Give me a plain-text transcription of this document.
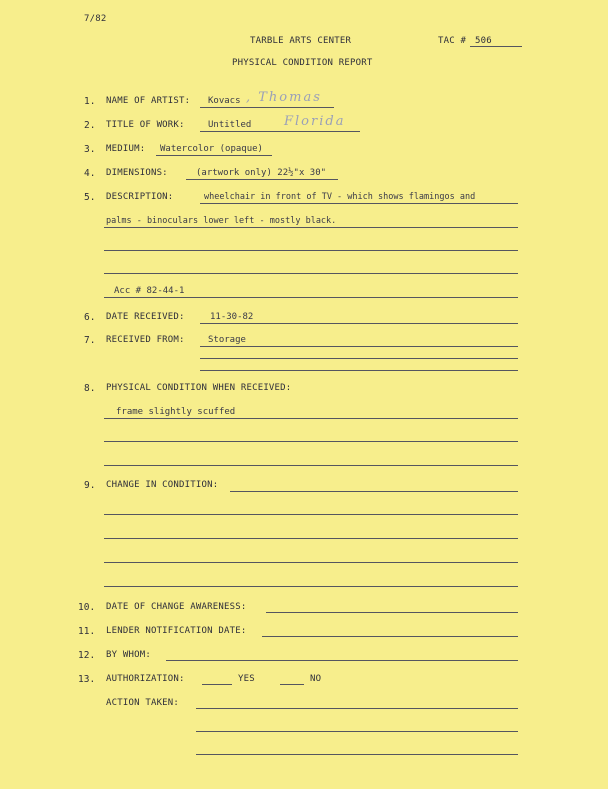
7/82
TARBLE ARTS CENTER	TAC # 506
PHYSICAL CONDITION REPORT
1. NAME OF ARTIST: Kovacs , Thomas
2. TITLE OF WORK:	Untitled	Florida
3. MEDIUM: Watercolor (opaque)
4. DIMENSIONS:	(artwork only) 22½"x 30"
5. DESCRIPTION:	wheelchair in front of TV - which shows flamingos and
palms - binoculars lower left - mostly black.
Acc # 82-44-1
6. DATE RECEIVED:	11-30-82
7. RECEIVED FROM:	Storage
8. PHYSICAL CONDITION WHEN RECEIVED:
frame slightly scuffed
9. CHANGE IN CONDITION:
10. DATE OF CHANGE AWARENESS:
11. LENDER NOTIFICATION DATE:
12. BY WHOM:
13. AUTHORIZATION:	YES	NO
ACTION TAKEN:
